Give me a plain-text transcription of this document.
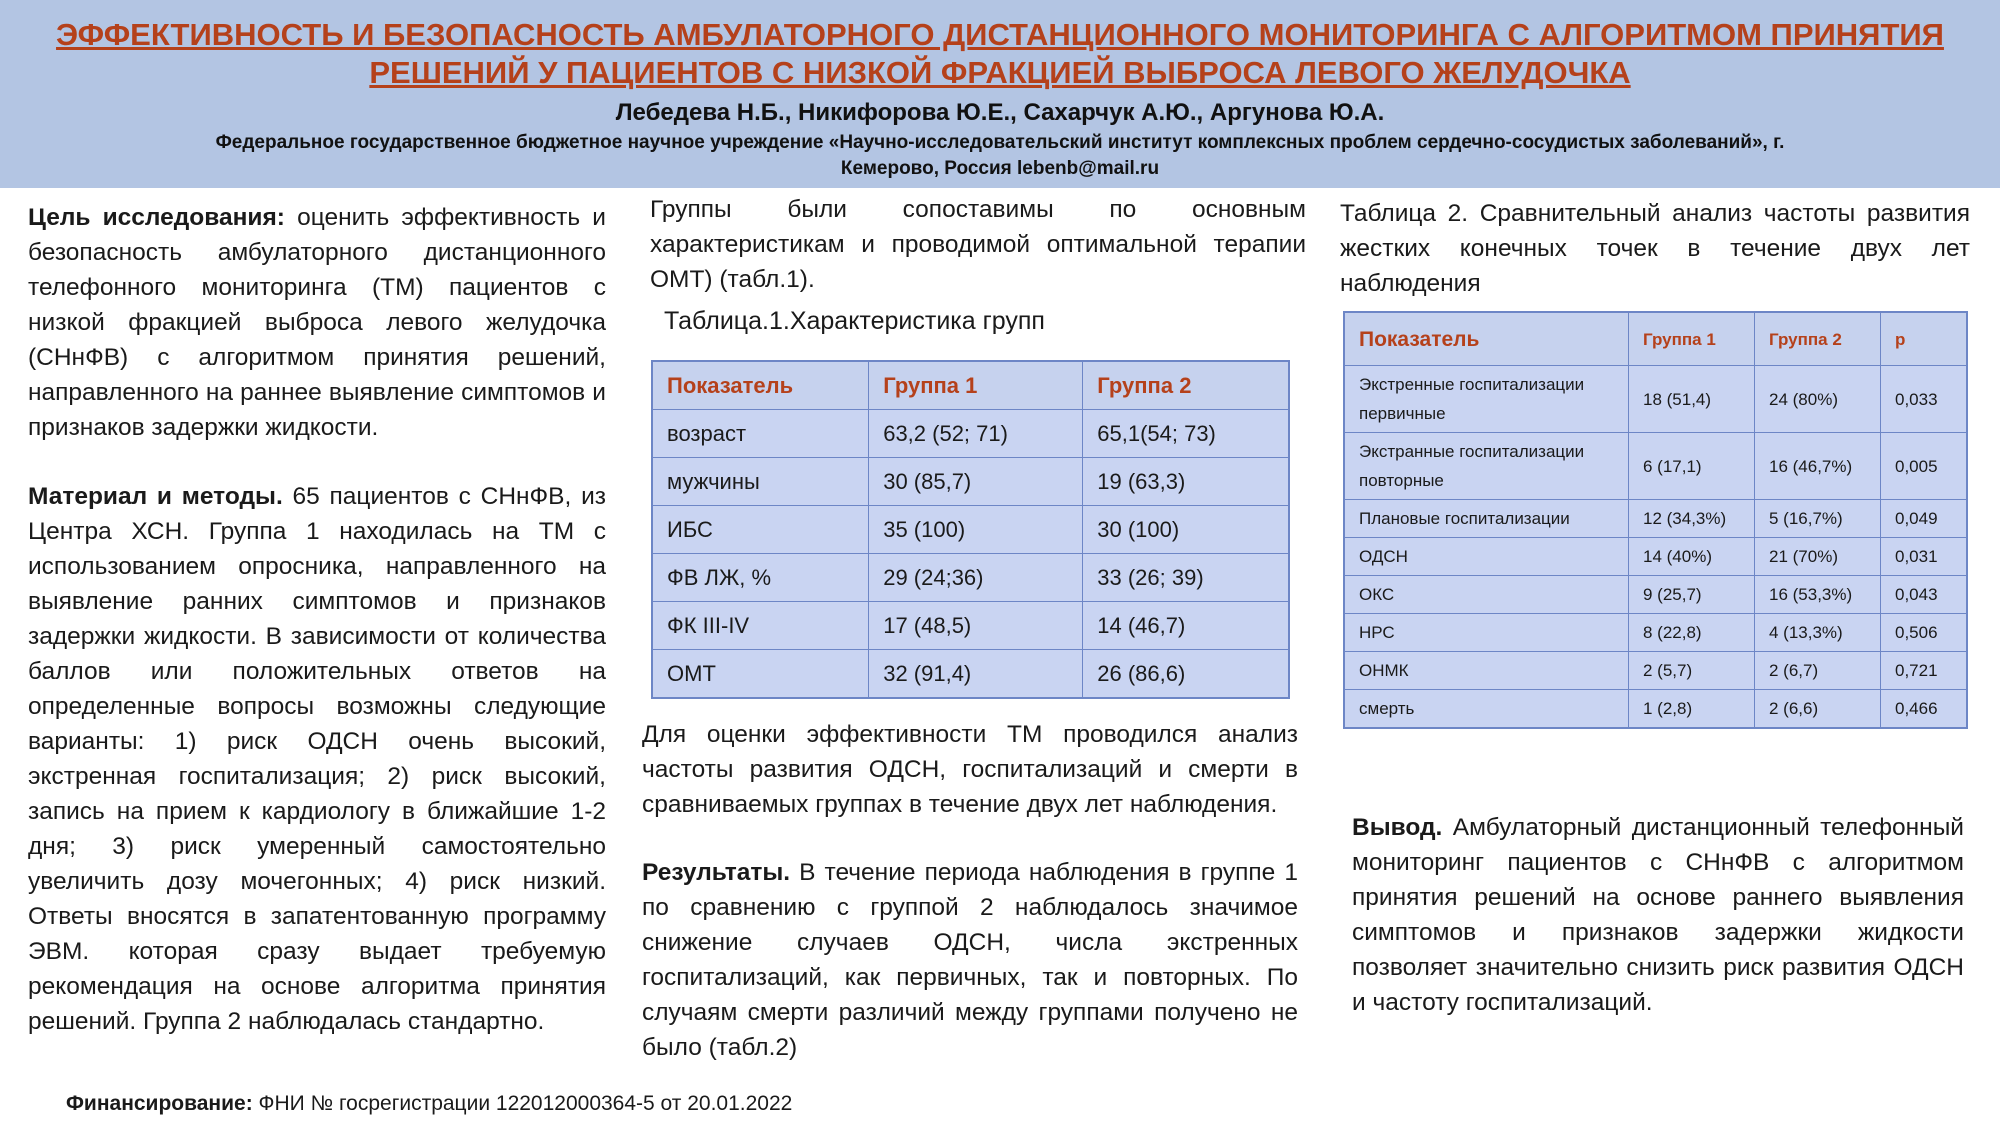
ЭФФЕКТИВНОСТЬ И БЕЗОПАСНОСТЬ АМБУЛАТОРНОГО ДИСТАНЦИОННОГО МОНИТОРИНГА С АЛГОРИТМОМ ПРИНЯТИЯ
РЕШЕНИЙ У ПАЦИЕНТОВ С НИЗКОЙ ФРАКЦИЕЙ ВЫБРОСА ЛЕВОГО ЖЕЛУДОЧКА
Лебедева Н.Б., Никифорова Ю.Е., Сахарчук А.Ю., Аргунова Ю.А.
Федеральное государственное бюджетное научное учреждение «Научно-исследовательский институт комплексных проблем сердечно-сосудистых заболеваний», г.
Кемерово, Россия lebenb@mail.ru

Цель исследования: оценить эффективность и безопасность амбулаторного дистанционного телефонного мониторинга (ТМ) пациентов с низкой фракцией выброса левого желудочка (СНнФВ) с алгоритмом принятия решений, направленного на раннее выявление симптомов и признаков задержки жидкости.

Материал и методы. 65 пациентов с СНнФВ, из Центра ХСН. Группа 1 находилась на ТМ с использованием опросника, направленного на выявление ранних симптомов и признаков задержки жидкости. В зависимости от количества баллов или положительных ответов на определенные вопросы возможны следующие варианты: 1) риск ОДСН очень высокий, экстренная госпитализация; 2) риск высокий, запись на прием к кардиологу в ближайшие 1-2 дня; 3) риск умеренный самостоятельно увеличить дозу мочегонных; 4) риск низкий. Ответы вносятся в запатентованную программу ЭВМ. которая сразу выдает требуемую рекомендация на основе алгоритма принятия решений. Группа 2 наблюдалась стандартно.

Группы были сопоставимы по основным характеристикам и проводимой оптимальной терапии ОМТ) (табл.1).

Таблица.1.Характеристика групп
Показатель	Группа 1	Группа 2
возраст	63,2 (52; 71)	65,1(54; 73)
мужчины	30 (85,7)	19 (63,3)
ИБС	35 (100)	30 (100)
ФВ ЛЖ, %	29 (24;36)	33 (26; 39)
ФК III-IV	17 (48,5)	14 (46,7)
ОМТ	32 (91,4)	26 (86,6)

Для оценки эффективности ТМ проводился анализ частоты развития ОДСН, госпитализаций и смерти в сравниваемых группах в течение двух лет наблюдения.

Результаты. В течение периода наблюдения в группе 1 по сравнению с группой 2 наблюдалось значимое снижение случаев ОДСН, числа экстренных госпитализаций, как первичных, так и повторных. По случаям смерти различий между группами получено не было (табл.2)

Таблица 2. Сравнительный анализ частоты развития жестких конечных точек в течение двух лет наблюдения

Показатель	Группа 1	Группа 2	p
Экстренные госпитализации первичные	18 (51,4)	24 (80%)	0,033
Экстранные госпитализации повторные	6 (17,1)	16 (46,7%)	0,005
Плановые госпитализации	12 (34,3%)	5 (16,7%)	0,049
ОДСН	14 (40%)	21 (70%)	0,031
ОКС	9 (25,7)	16 (53,3%)	0,043
НРС	8 (22,8)	4 (13,3%)	0,506
ОНМК	2 (5,7)	2 (6,7)	0,721
смерть	1 (2,8)	2 (6,6)	0,466

Вывод. Амбулаторный дистанционный телефонный мониторинг пациентов с СНнФВ с алгоритмом принятия решений на основе раннего выявления симптомов и признаков задержки жидкости позволяет значительно снизить риск развития ОДСН и частоту госпитализаций.

Финансирование: ФНИ № госрегистрации 122012000364-5 от 20.01.2022
